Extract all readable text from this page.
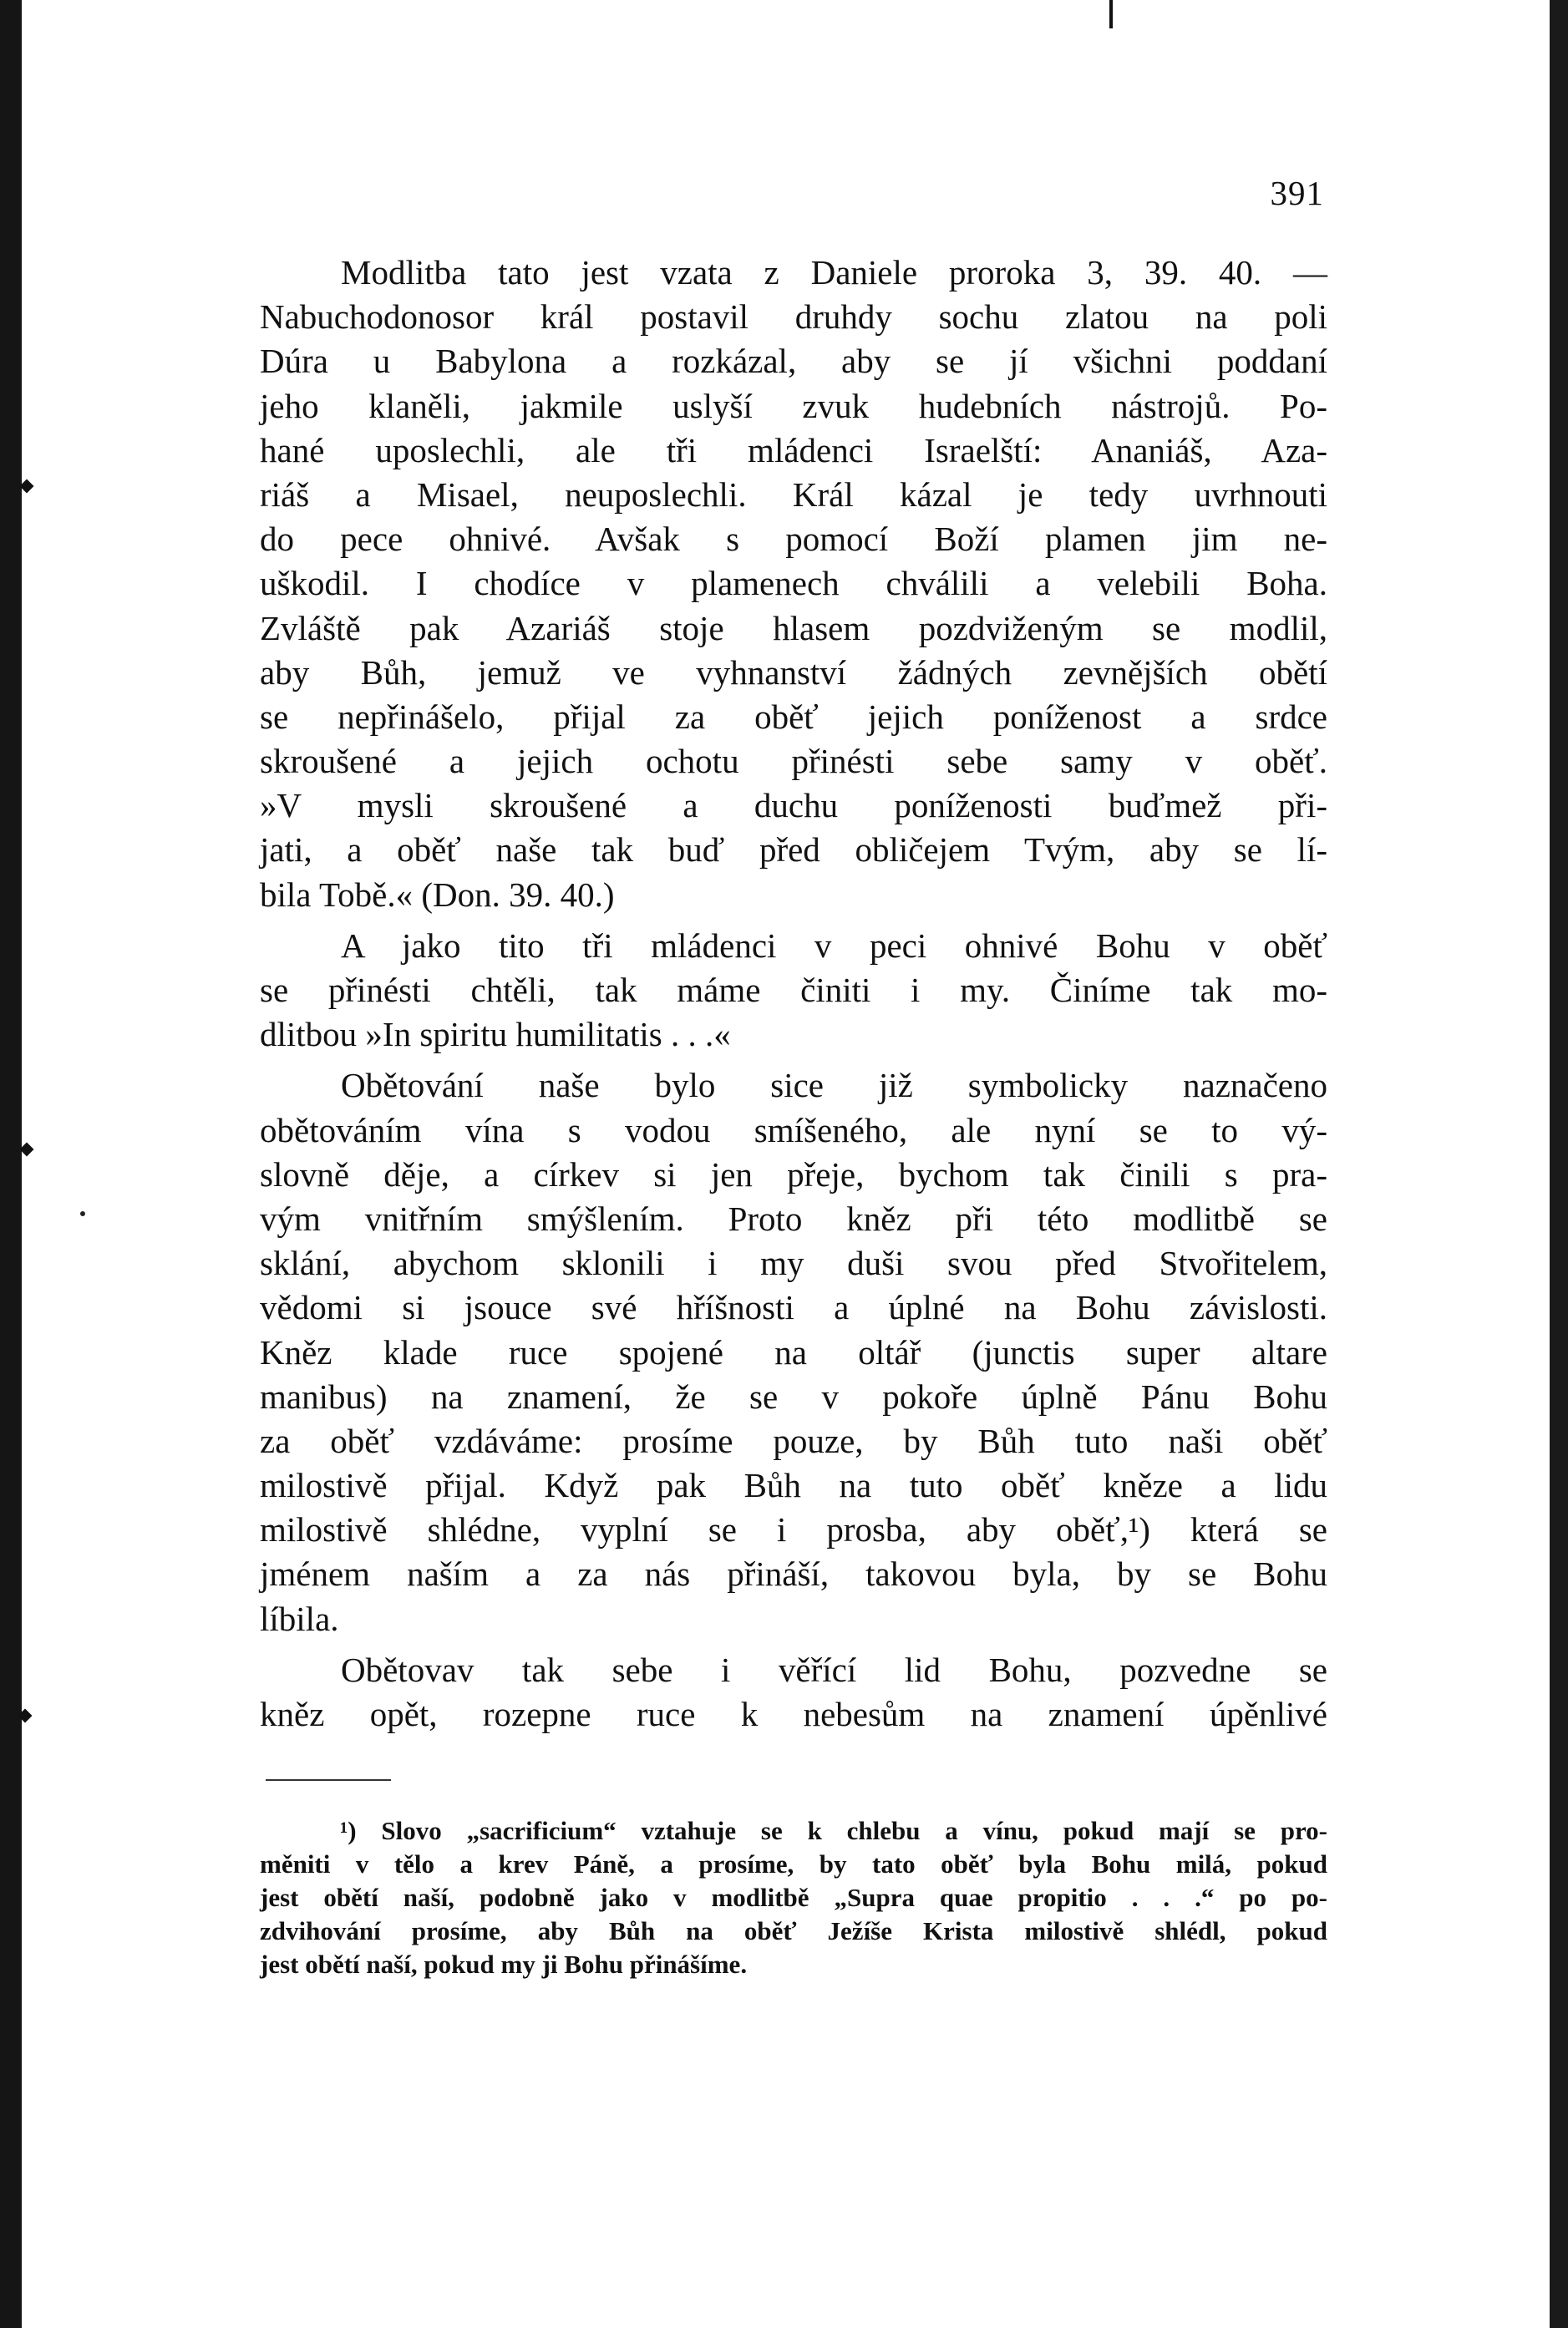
391
Modlitba tato jest vzata z Daniele proroka 3, 39. 40. —
Nabuchodonosor král postavil druhdy sochu zlatou na poli
Dúra u Babylona a rozkázal, aby se jí všichni poddaní
jeho klaněli, jakmile uslyší zvuk hudebních nástrojů. Po-
hané uposlechli, ale tři mládenci Israelští: Ananiáš, Aza-
riáš a Misael, neuposlechli. Král kázal je tedy uvrhnouti
do pece ohnivé. Avšak s pomocí Boží plamen jim ne-
uškodil. I chodíce v plamenech chválili a velebili Boha.
Zvláště pak Azariáš stoje hlasem pozdviženým se modlil,
aby Bůh, jemuž ve vyhnanství žádných zevnějších obětí
se nepřinášelo, přijal za oběť jejich poníženost a srdce
skroušené a jejich ochotu přinésti sebe samy v oběť.
»V mysli skroušené a duchu poníženosti buďmež při-
jati, a oběť naše tak buď před obličejem Tvým, aby se lí-
bila Tobě.« (Don. 39. 40.)
A jako tito tři mládenci v peci ohnivé Bohu v oběť
se přinésti chtěli, tak máme činiti i my. Činíme tak mo-
dlitbou »In spiritu humilitatis . . .«
Obětování naše bylo sice již symbolicky naznačeno
obětováním vína s vodou smíšeného, ale nyní se to vý-
slovně děje, a církev si jen přeje, bychom tak činili s pra-
vým vnitřním smýšlením. Proto kněz při této modlitbě se
sklání, abychom sklonili i my duši svou před Stvořitelem,
vědomi si jsouce své hříšnosti a úplné na Bohu závislosti.
Kněz klade ruce spojené na oltář (junctis super altare
manibus) na znamení, že se v pokoře úplně Pánu Bohu
za oběť vzdáváme: prosíme pouze, by Bůh tuto naši oběť
milostivě přijal. Když pak Bůh na tuto oběť kněze a lidu
milostivě shlédne, vyplní se i prosba, aby oběť,¹) která se
jménem naším a za nás přináší, takovou byla, by se Bohu
líbila.
Obětovav tak sebe i věřící lid Bohu, pozvedne se
kněz opět, rozepne ruce k nebesům na znamení úpěnlivé
¹) Slovo „sacrificium“ vztahuje se k chlebu a vínu, pokud mají se pro-
měniti v tělo a krev Páně, a prosíme, by tato oběť byla Bohu milá, pokud
jest obětí naší, podobně jako v modlitbě „Supra quae propitio . . .“ po po-
zdvihování prosíme, aby Bůh na oběť Ježíše Krista milostivě shlédl, pokud
jest obětí naší, pokud my ji Bohu přinášíme.
